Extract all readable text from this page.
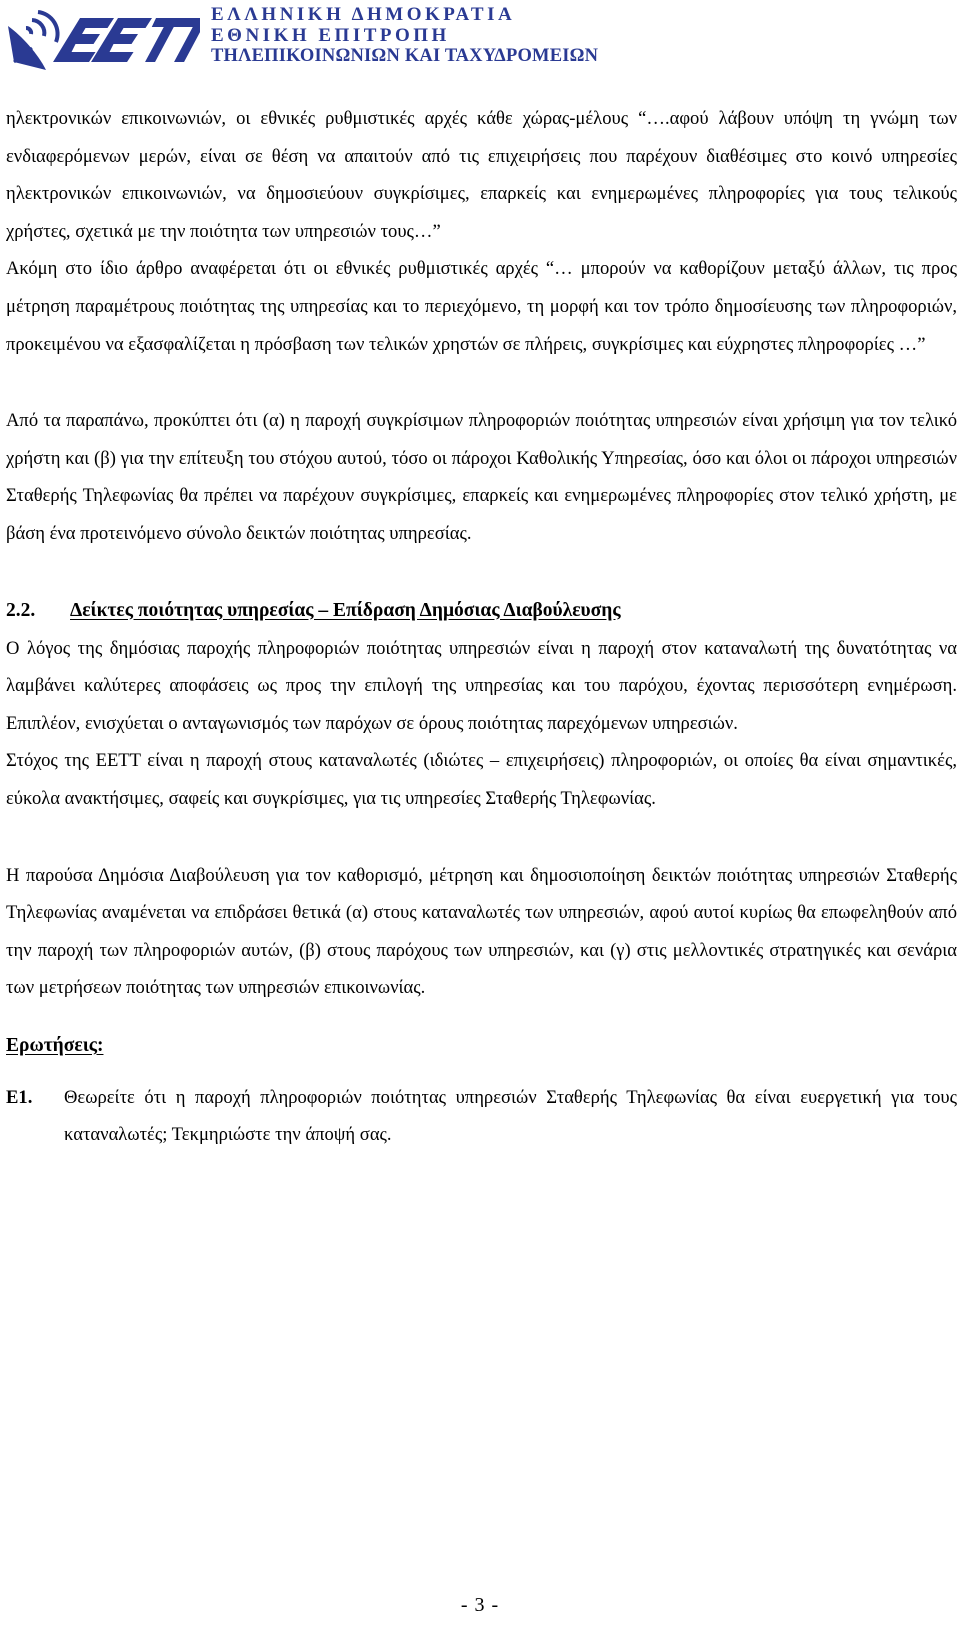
ΕΛΛΗΝΙΚΗ ΔΗΜΟΚΡΑΤΙΑ
ΕΘΝΙΚΗ ΕΠΙΤΡΟΠΗ
ΤΗΛΕΠΙΚΟΙΝΩΝΙΩΝ ΚΑΙ ΤΑΧΥΔΡΟΜΕΙΩΝ

ηλεκτρονικών επικοινωνιών, οι εθνικές ρυθμιστικές αρχές κάθε χώρας-μέλους “….αφού λάβουν υπόψη τη γνώμη των ενδιαφερόμενων μερών, είναι σε θέση να απαιτούν από τις επιχειρήσεις που παρέχουν διαθέσιμες στο κοινό υπηρεσίες ηλεκτρονικών επικοινωνιών, να δημοσιεύουν συγκρίσιμες, επαρκείς και ενημερωμένες πληροφορίες για τους τελικούς χρήστες, σχετικά με την ποιότητα των υπηρεσιών τους…”

Ακόμη στο ίδιο άρθρο αναφέρεται ότι οι εθνικές ρυθμιστικές αρχές “… μπορούν να καθορίζουν μεταξύ άλλων, τις προς μέτρηση παραμέτρους ποιότητας της υπηρεσίας και το περιεχόμενο, τη μορφή και τον τρόπο δημοσίευσης των πληροφοριών, προκειμένου να εξασφαλίζεται η πρόσβαση των τελικών χρηστών σε πλήρεις, συγκρίσιμες και εύχρηστες πληροφορίες …”

Από τα παραπάνω, προκύπτει ότι (α) η παροχή συγκρίσιμων πληροφοριών ποιότητας υπηρεσιών είναι χρήσιμη για τον τελικό χρήστη και (β) για την επίτευξη του στόχου αυτού, τόσο οι πάροχοι Καθολικής Υπηρεσίας, όσο και όλοι οι πάροχοι υπηρεσιών Σταθερής Τηλεφωνίας θα πρέπει να παρέχουν συγκρίσιμες, επαρκείς και ενημερωμένες πληροφορίες στον τελικό χρήστη, με βάση ένα προτεινόμενο σύνολο δεικτών ποιότητας υπηρεσίας.

2.2. Δείκτες ποιότητας υπηρεσίας – Επίδραση Δημόσιας Διαβούλευσης

Ο λόγος της δημόσιας παροχής πληροφοριών ποιότητας υπηρεσιών είναι η παροχή στον καταναλωτή της δυνατότητας να λαμβάνει καλύτερες αποφάσεις ως προς την επιλογή της υπηρεσίας και του παρόχου, έχοντας περισσότερη ενημέρωση. Επιπλέον, ενισχύεται ο ανταγωνισμός των παρόχων σε όρους ποιότητας παρεχόμενων υπηρεσιών.

Στόχος της ΕΕΤΤ είναι η παροχή στους καταναλωτές (ιδιώτες – επιχειρήσεις) πληροφοριών, οι οποίες θα είναι σημαντικές, εύκολα ανακτήσιμες, σαφείς και συγκρίσιμες, για τις υπηρεσίες Σταθερής Τηλεφωνίας.

Η παρούσα Δημόσια Διαβούλευση για τον καθορισμό, μέτρηση και δημοσιοποίηση δεικτών ποιότητας υπηρεσιών Σταθερής Τηλεφωνίας αναμένεται να επιδράσει θετικά (α) στους καταναλωτές των υπηρεσιών, αφού αυτοί κυρίως θα επωφεληθούν από την παροχή των πληροφοριών αυτών, (β) στους παρόχους των υπηρεσιών, και (γ) στις μελλοντικές στρατηγικές και σενάρια των μετρήσεων ποιότητας των υπηρεσιών επικοινωνίας.

Ερωτήσεις:

Ε1. Θεωρείτε ότι η παροχή πληροφοριών ποιότητας υπηρεσιών Σταθερής Τηλεφωνίας θα είναι ευεργετική για τους καταναλωτές; Τεκμηριώστε την άποψή σας.

- 3 -
